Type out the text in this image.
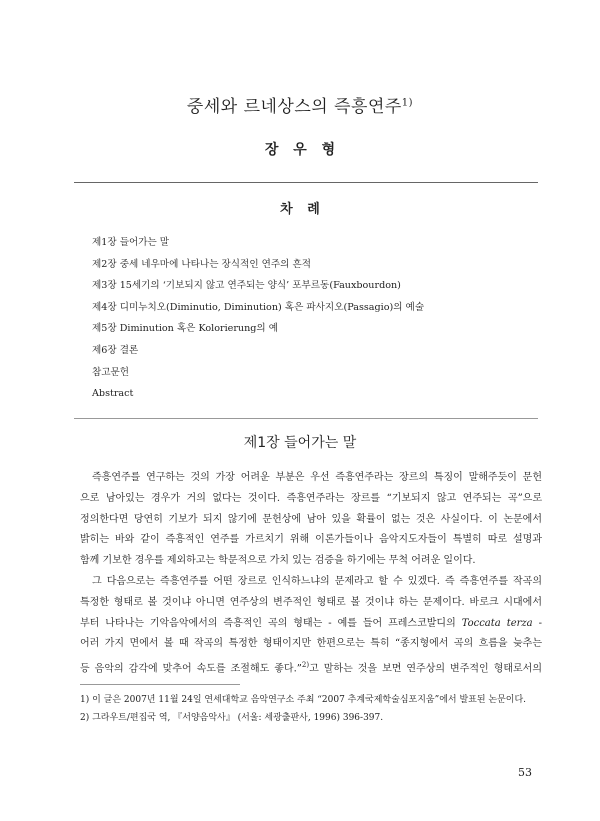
중세와 르네상스의 즉흥연주$^{1)}$
장 우 형
차 례
제1장 들어가는 말
제2장 중세 네우마에 나타나는 장식적인 연주의 흔적
제3장 15세기의 ‘기보되지 않고 연주되는 양식’ 포부르동(Fauxbourdon)
제4장 디미누치오(Diminutio, Diminution) 혹은 파사지오(Passagio)의 예술
제5장 Diminution 혹은 Kolorierung의 예
제6장 결론
참고문헌
Abstract
제1장 들어가는 말
즉흥연주를 연구하는 것의 가장 어려운 부분은 우선 즉흥연주라는 장르의 특징이 말해주듯이 문헌
으로 남아있는 경우가 거의 없다는 것이다. 즉흥연주라는 장르를 “기보되지 않고 연주되는 곡”으로
정의한다면 당연히 기보가 되지 않기에 문헌상에 남아 있을 확률이 없는 것은 사실이다. 이 논문에서
밝히는 바와 같이 즉흥적인 연주를 가르치기 위해 이론가들이나 음악지도자들이 특별히 따로 설명과
함께 기보한 경우를 제외하고는 학문적으로 가치 있는 검증을 하기에는 무척 어려운 일이다.
그 다음으로는 즉흥연주를 어떤 장르로 인식하느냐의 문제라고 할 수 있겠다. 즉 즉흥연주를 작곡의
특정한 형태로 볼 것이냐 아니면 연주상의 변주적인 형태로 볼 것이냐 하는 문제이다. 바로크 시대에서
부터 나타나는 기악음악에서의 즉흥적인 곡의 형태는 - 예를 들어 프레스코발디의 Toccata terza -
어러 가지 면에서 볼 때 작곡의 특정한 형태이지만 한편으로는 특히 “종지형에서 곡의 흐름을 늦추는
등 음악의 감각에 맞추어 속도를 조절해도 좋다.”$^{2)}$고 말하는 것을 보면 연주상의 변주적인 형태로서의
1) 이 글은 2007년 11월 24일 연세대학교 음악연구소 주최 “2007 추계국제학술심포지움”에서 발표된 논문이다.
2) 그라우트/편집국 역, 『서양음악사』 (서울: 세광출판사, 1996) 396-397.
53
